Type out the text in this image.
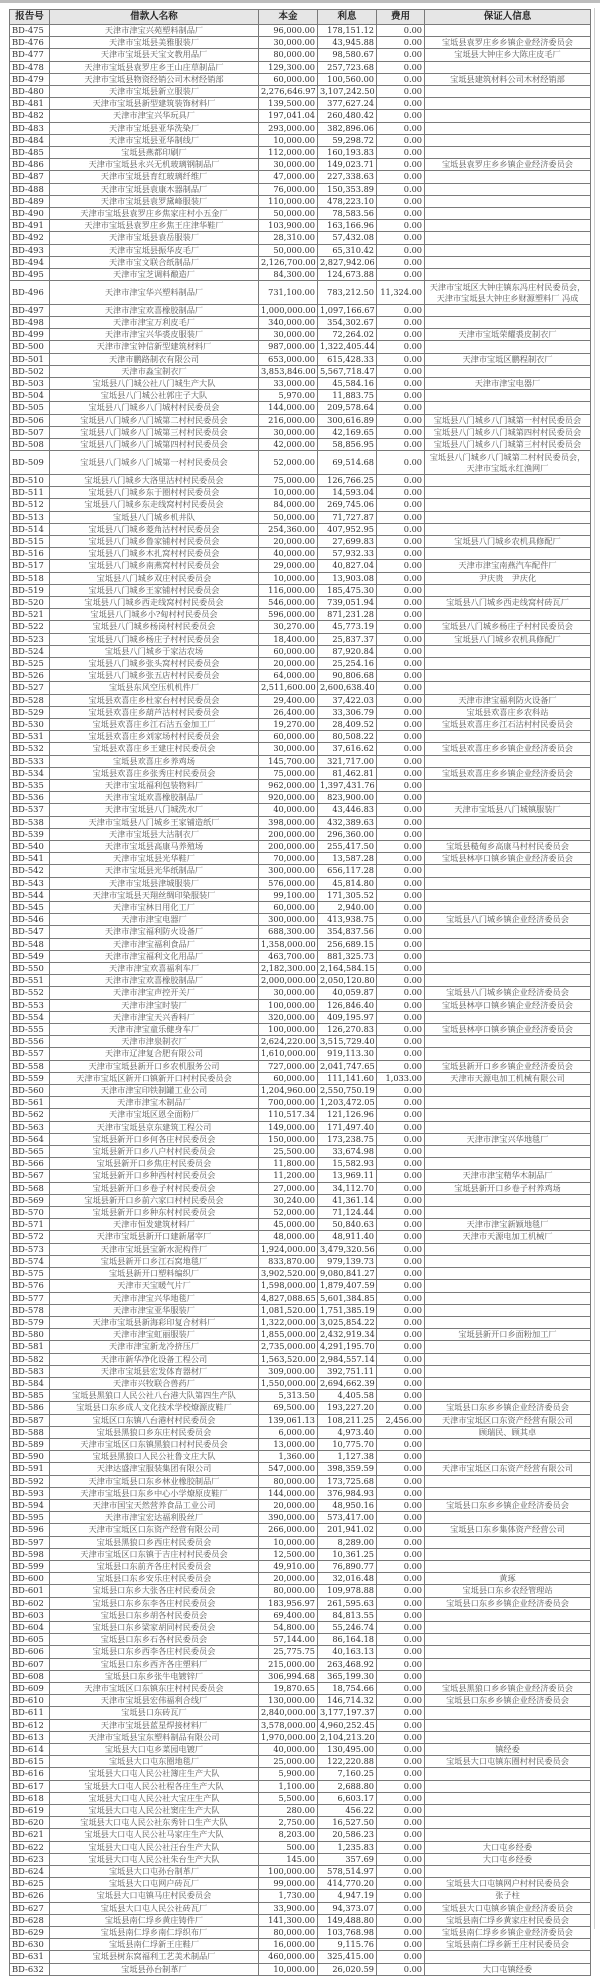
报告号	借款人名称	本金	利息	费用	保证人信息
BD-475	天津市津宝兴苑塑料制品厂	96,000.00	178,151.12	0.00	
BD-476	天津市宝坻县美雅服装厂	30,000.00	43,945.88	0.00	宝坻县袁罗庄乡乡镇企业经济委员会
BD-477	天津市宝坻县天宝文教用品厂	80,000.00	98,580.67	0.00	宝坻县大钟庄乡大陈庄皮毛厂
BD-478	天津市宝坻县袁罗庄乡王山庄草制品厂	129,300.00	257,723.68	0.00	
BD-479	天津市宝坻县物资经销公司木材经销部	60,000.00	100,560.00	0.00	宝坻县建筑材料公司木材经销部
BD-480	天津市宝坻县新立服装厂	2,276,646.97	3,107,242.50	0.00	
BD-481	天津市宝坻县新型建筑装饰材料厂	139,500.00	377,627.24	0.00	
BD-482	天津市津宝兴华玩具厂	197,041.04	260,480.42	0.00	
BD-483	天津市宝坻县亚华洗染厂	293,000.00	382,896.06	0.00	
BD-484	天津市宝坻县亚华制线厂	10,000.00	59,298.72	0.00	
BD-485	宝坻县燕都印刷厂	112,000.00	160,193.83	0.00	
BD-486	天津市宝坻县永兴无机玻璃钢制品厂	30,000.00	149,023.71	0.00	宝坻县袁罗庄乡乡镇企业经济委员会
BD-487	天津市宝坻县育红玻璃纤维厂	47,000.00	227,338.63	0.00	
BD-488	天津市宝坻县袁康木器制品厂	76,000.00	150,353.89	0.00	
BD-489	天津市宝坻县袁罗黛峰服装厂	110,000.00	478,223.10	0.00	
BD-490	天津市宝坻县袁罗庄乡焦家庄村小五金厂	50,000.00	78,583.56	0.00	
BD-491	天津市宝坻县袁罗庄乡焦王庄津华鞋厂	103,900.00	163,166.96	0.00	
BD-492	天津市宝坻县袁岳服装厂	28,310.00	57,432.08	0.00	
BD-493	天津市宝坻县振华皮毛厂	50,000.00	65,310.42	0.00	
BD-494	天津市宝文联合纸制品厂	2,126,700.00	2,827,942.06	0.00	
BD-495	天津市宝芝调料酿造厂	84,300.00	124,673.88	0.00	
BD-496	天津市津宝华兴塑料制品厂	731,100.00	783,212.50	11,324.00	天津市宝坻区大钟庄镇东冯庄村民委员会，天津市宝坻县大钟庄乡财源塑料厂 冯成
BD-497	天津市津宝欢喜橡胶制品厂	1,000,000.00	1,097,166.67	0.00	
BD-498	天津市津宝万利皮毛厂	340,000.00	354,302.67	0.00	
BD-499	天津市津宝兴华裘皮服装厂	30,000.00	72,264.02	0.00	天津市宝坻荣耀裘皮制衣厂
BD-500	天津市津宝钟信新型建筑材料厂	987,000.00	1,322,405.44	0.00	
BD-501	天津市鹏路制衣有限公司	653,000.00	615,428.33	0.00	天津市宝坻区鹏程制衣厂
BD-502	天津市淼宝制衣厂	3,853,846.00	5,567,718.47	0.00	
BD-503	宝坻县八门城公社八门城生产大队	33,000.00	45,584.16	0.00	天津市津宝电器厂
BD-504	宝坻县八门城公社郭庄子大队	5,970.00	11,883.75	0.00	
BD-505	宝坻县八门城乡八门城村村民委员会	144,000.00	209,578.64	0.00	
BD-506	宝坻县八门城乡八门城第二村村民委员会	216,000.00	300,616.89	0.00	宝坻县八门城乡八门城第一村村民委员会
BD-507	宝坻县八门城乡八门城第三村村民委员会	30,000.00	42,169.65	0.00	宝坻县八门城乡八门城第四村村民委员会
BD-508	宝坻县八门城乡八门城第四村村民委员会	42,000.00	58,856.95	0.00	宝坻县八门城乡八门城第三村村民委员会
BD-509	宝坻县八门城乡八门城第一村村民委员会	52,000.00	69,514.68	0.00	宝坻县八门城乡八门城第二村村民委员会，天津市宝坻永红渔网厂
BD-510	宝坻县八门城乡大洛里沽村村民委员会	75,000.00	126,766.25	0.00	
BD-511	宝坻县八门城乡东于圈村村民委员会	10,000.00	14,593.04	0.00	
BD-512	宝坻县八门城乡东走线窝村村民委员会	84,000.00	269,745.06	0.00	
BD-513	宝坻县八门城乡机井队	50,000.00	71,727.87	0.00	
BD-514	宝坻县八门城乡菱角沽村村民委员会	254,360.00	407,952.95	0.00	
BD-515	宝坻县八门城乡鲁家铺村村民委员会	20,000.00	27,699.83	0.00	宝坻县八门城乡农机具修配厂
BD-516	宝坻县八门城乡木扎窝村村民委员会	40,000.00	57,932.33	0.00	
BD-517	宝坻县八门城乡南燕窝村村民委员会	29,000.00	40,827.04	0.00	天津市津宝南燕汽车配件厂
BD-518	宝坻县八门城乡双庄村民委员会	10,000.00	13,903.08	0.00	尹庆贵　尹庆化
BD-519	宝坻县八门城乡王家铺村村民委员会	116,000.00	185,475.30	0.00	
BD-520	宝坻县八门城乡西走线窝村村民委员会	546,000.00	739,051.94	0.00	宝坻县八门城乡西走线窝村砖瓦厂
BD-521	宝坻县八门城乡小?甸村村民委员会	596,000.00	871,231.28	0.00	
BD-522	宝坻县八门城乡杨岗村村民委员会	30,270.00	45,773.19	0.00	宝坻县八门城乡杨庄子村村民委员会
BD-523	宝坻县八门城乡杨庄子村村民委员会	18,400.00	25,837.37	0.00	宝坻县八门城乡农机具修配厂
BD-524	宝坻县八门城乡于家沽农场	60,000.00	87,920.84	0.00	
BD-525	宝坻县八门城乡张头窝村村民委员会	20,000.00	25,254.16	0.00	
BD-526	宝坻县八门城乡张五店村村民委员会	64,000.00	90,806.68	0.00	
BD-527	宝坻县东风空压机机件厂	2,511,600.00	2,600,638.40	0.00	
BD-528	宝坻县欢喜庄乡杜家台村村民委员会	29,400.00	37,422.03	0.00	天津市津宝福利防火设备厂
BD-529	宝坻县欢喜庄乡葫芦沽村村民委员会	26,400.00	33,306.79	0.00	宝坻县欢喜庄乡农科站
BD-530	宝坻县欢喜庄乡江石沽五金加工厂	19,270.00	28,409.52	0.00	宝坻县欢喜庄乡江石沽村村民委员会
BD-531	宝坻县欢喜庄乡刘家场村村民委员会	60,000.00	80,508.22	0.00	
BD-532	宝坻县欢喜庄乡王建庄村民委员会	30,000.00	37,616.62	0.00	宝坻县欢喜庄乡乡镇企业经济委员会
BD-533	宝坻县欢喜庄乡养鸡场	145,700.00	321,717.00	0.00	
BD-534	宝坻县欢喜庄乡张秀庄村民委员会	75,000.00	81,462.81	0.00	宝坻县欢喜庄乡乡镇企业经济委员会
BD-535	天津市宝坻福利包装物料厂	962,000.00	1,397,431.76	0.00	
BD-536	天津市宝坻欢喜橡胶制品厂	920,000.00	823,900.00	0.00	
BD-537	天津市宝坻县八门城洗水厂	40,000.00	43,446.83	0.00	天津市宝坻县八门城镇服装厂
BD-538	天津市宝坻县八门城乡王家铺造纸厂	398,000.00	432,389.63	0.00	
BD-539	天津市宝坻县大沽制衣厂	200,000.00	296,360.00	0.00	
BD-540	天津市宝坻县高康马养殖场	200,000.00	255,417.50	0.00	宝坻县糙甸乡高康马村村民委员会
BD-541	天津市宝坻县光华鞋厂	70,000.00	13,587.28	0.00	宝坻县林亭口镇乡镇企业经济委员会
BD-542	天津市宝坻县光华纸制品厂	300,000.00	656,117.28	0.00	
BD-543	天津市宝坻县津城服装厂	576,000.00	45,814.80	0.00	
BD-544	天津市宝坻县天翔丝绸印染服装厂	99,100.00	171,305.52	0.00	
BD-545	天津市宝林日用化工厂	60,000.00	2,940.00	0.00	
BD-546	天津市津宝电器厂	300,000.00	413,938.75	0.00	宝坻县八门城乡镇企业经济委员会
BD-547	天津市津宝福利防火设备厂	688,300.00	354,837.56	0.00	
BD-548	天津市津宝福利食品厂	1,358,000.00	256,689.15	0.00	
BD-549	天津市津宝福利文化用品厂	463,700.00	881,325.73	0.00	
BD-550	天津市津宝欢喜福利车厂	2,182,300.00	2,164,584.15	0.00	
BD-551	天津市津宝欢喜橡胶制品厂	2,000,000.00	2,050,120.80	0.00	
BD-552	天津市津宝声控开关厂	30,000.00	40,059.87	0.00	宝坻县八门城乡镇企业经济委员会
BD-553	天津市津宝时装厂	100,000.00	126,846.40	0.00	宝坻县林亭口镇乡镇企业经济委员会
BD-554	天津市津宝天兴香料厂	320,000.00	409,195.97	0.00	
BD-555	天津市津宝童乐健身车厂	100,000.00	126,270.83	0.00	宝坻县林亭口镇乡镇企业经济委员会
BD-556	天津市津泉制衣厂	2,624,220.00	3,515,729.40	0.00	
BD-557	天津市辽津复合肥有限公司	1,610,000.00	919,113.30	0.00	
BD-558	天津市宝坻县新开口乡农机服务公司	727,000.00	2,041,747.65	0.00	宝坻县新开口乡乡镇企业经济委员会
BD-559	天津市宝坻区新开口镇新开口村村民委员会	60,000.00	111,141.60	1,033.00	天津市天源电加工机械有限公司
BD-560	天津市津宝印铁制罐工业公司	1,204,960.00	2,550,750.19	0.00	
BD-561	天津市津宝木制品厂	700,000.00	1,203,472.05	0.00	
BD-562	天津市宝坻区恩全面粉厂	110,517.34	121,126.96	0.00	
BD-563	天津市宝坻县京东建筑工程公司	149,000.00	171,497.40	0.00	
BD-564	宝坻县新开口乡何各庄村民委员会	150,000.00	173,238.75	0.00	天津市津宝兴华地毯厂
BD-565	宝坻县新开口乡八户村村民委员会	25,500.00	33,674.98	0.00	
BD-566	宝坻县新开口乡焦庄村民委员会	11,800.00	15,582.93	0.00	
BD-567	宝坻县新开口乡种西村村民委员会	11,200.00	13,969.11	0.00	天津市津宝精华木制品厂
BD-568	宝坻县新开口乡卷子村村民委员会	27,000.00	34,112.70	0.00	宝坻县新开口乡卷子村养鸡场
BD-569	宝坻县新开口乡前六家口村村民委员会	30,240.00	41,361.14	0.00	
BD-570	宝坻县新开口乡种东村村民委员会	52,000.00	71,124.44	0.00	
BD-571	天津市恒发建筑材料厂	45,000.00	50,840.63	0.00	天津市津宝新颖地毯厂
BD-572	天津市宝坻县新开口建新屠宰厂	48,000.00	48,911.40	0.00	天津市天源电加工机械厂
BD-573	天津市宝坻县宝新水泥构件厂	1,924,000.00	3,479,320.56	0.00	
BD-574	宝坻县新开口乡江石窝地毯厂	833,870.00	979,139.73	0.00	
BD-575	宝坻县新开口塑料编织厂	3,902,520.00	9,080,841.27	0.00	
BD-576	天津市天宝暖气片厂	1,598,000.00	1,879,407.59	0.00	
BD-577	天津市津宝兴华地毯厂	4,827,088.65	5,601,384.85	0.00	
BD-578	天津市津宝亚华服装厂	1,081,520.00	1,751,385.19	0.00	
BD-579	天津市宝坻县新海彩印复合材料厂	1,322,000.00	3,025,854.22	0.00	
BD-580	天津市津宝虹丽服装厂	1,855,000.00	2,432,919.34	0.00	宝坻县新开口乡面粉加工厂
BD-581	天津市津宝新龙冷挤压厂	2,735,000.00	4,291,195.70	0.00	
BD-582	天津市新华净化设备工程公司	1,563,520.00	2,984,557.14	0.00	
BD-583	天津市宝坻县宏发体育器材厂	309,000.00	392,751.11	0.00	
BD-584	天津市兴牧联合兽药厂	1,550,000.00	2,694,662.39	0.00	
BD-585	宝坻县黑狼口人民公社八台港大队第四生产队	5,313.50	4,405.58	0.00	
BD-586	宝坻县口东乡成人文化技术学校燎源皮鞋厂	69,500.00	193,227.20	0.00	宝坻县口东乡乡镇企业经济委员会
BD-587	宝坻区口东镇八台港村村民委员会	139,061.13	108,211.25	2,456.00	天津市宝坻区口东资产经营有限公司
BD-588	宝坻县黑狼口乡东庄村民委员会	6,000.00	4,973.40	0.00	顾瑞民、顾其卓
BD-589	天津市宝坻区口东镇黑狼口村村民委员会	13,000.00	10,775.70	0.00	
BD-590	宝坻县黑狼口人民公社鲁文庄大队	1,360.00	1,127.38	0.00	
BD-591	天津达盛津宝服装集团有限公司	547,000.00	398,359.59	0.00	天津市宝坻区口东资产经营有限公司
BD-592	天津市宝坻县口东乡林业橡胶制品厂	80,000.00	173,725.68	0.00	
BD-593	天津市宝坻县口东乡中心小学燎原皮鞋厂	144,000.00	376,984.93	0.00	
BD-594	天津市国宝天然营养食品工业公司	20,000.00	48,950.16	0.00	宝坻县口东乡乡镇企业经济委员会
BD-595	天津市津宝宏达福利股丝厂	390,000.00	573,417.00	0.00	
BD-596	天津市宝坻区口东资产经营有限公司	266,000.00	201,941.02	0.00	宝坻县口东乡集体资产经营公司
BD-597	宝坻县黑狼口乡西庄村民委员会	10,000.00	8,289.00	0.00	
BD-598	天津市宝坻区口东镇于吉庄村村民委员会	12,500.00	10,361.25	0.00	
BD-599	宝坻县口东前齐各庄村民委员会	49,910.00	76,890.77	0.00	
BD-600	宝坻县口东乡安乐庄村民委员会	20,000.00	32,016.48	0.00	黄琢
BD-601	宝坻县口东乡大张各庄村民委员会	80,000.00	109,978.88	0.00	宝坻县口东乡农经管理站
BD-602	宝坻县口东乡东李各庄村民委员会	183,956.97	261,595.63	0.00	宝坻县口东乡乡镇企业经济委员会
BD-603	宝坻县口东乡胡各村民委员会	69,400.00	84,813.55	0.00	
BD-604	宝坻县口东乡梁家胡同村民委员会	54,800.00	55,246.74	0.00	
BD-605	宝坻县口东乡石各村民委员会	57,144.00	86,164.18	0.00	
BD-606	宝坻县口东乡西李各庄村民委员会	25,775.75	40,163.13	0.00	
BD-607	宝坻县口东乡西齐各庄塑料厂	215,000.00	263,468.92	0.00	
BD-608	宝坻县口东乡张牛电镀锌厂	306,994.68	365,199.30	0.00	
BD-609	天津市宝坻区口东镇东庄村村民委员会	19,870.65	18,754.66	0.00	宝坻县黑狼口乡乡镇企业经济委员会
BD-610	天津市宝坻县宏伟福利合线厂	130,000.00	146,714.32	0.00	宝坻县口东乡乡镇企业经济委员会
BD-611	宝坻县口东砖瓦厂	2,840,000.00	3,177,197.37	0.00	
BD-612	天津市宝坻县蓝星焊接材料厂	3,578,000.00	4,960,252.45	0.00	
BD-613	天津市宝坻县宝东塑料制品有限公司	1,970,000.00	2,104,213.20	0.00	
BD-614	宝坻县大口屯乡菜园电镀厂	40,000.00	130,495.00	0.00	镇经委
BD-615	宝坻县大口屯东圈地毯厂	25,000.00	122,220.88	0.00	宝坻县大口屯镇东圈村村民委员会
BD-616	宝坻县大口屯人民公社簿庄生产大队	5,900.00	7,160.25	0.00	
BD-617	宝坻县大口屯人民公社程各庄生产大队	1,100.00	2,688.80	0.00	
BD-618	宝坻县大口屯人民公社大宝庄生产队	5,500.00	6,603.17	0.00	
BD-619	宝坻县大口屯人民公社窦庄生产大队	280.00	456.22	0.00	
BD-620	宝坻县大口屯人民公社东秀针口生产大队	2,750.00	16,527.50	0.00	
BD-621	宝坻县大口屯人民公社马家庄生产大队	8,203.00	20,586.23	0.00	
BD-622	宝坻县大口屯人民公社汪台生产大队	500.00	1,235.83	0.00	大口屯乡经委
BD-623	宝坻县大口屯人民公社朱台生产大队	145.00	357.69	0.00	大口屯乡经委
BD-624	宝坻县大口屯孙台制革厂	100,000.00	578,514.97	0.00	
BD-625	宝坻县大口屯网户砖瓦厂	99,000.00	414,770.20	0.00	宝坻县大口屯镇网户村村民委员会
BD-626	宝坻县大口屯镇马庄村民委员会	1,730.00	4,947.19	0.00	张子柱
BD-627	宝坻县大口屯人民公社砖瓦厂	33,900.00	94,373.07	0.00	宝坻县大口屯镇乡镇企业经济委员会
BD-628	宝坻县南仁垺乡黄庄铸件厂	141,300.00	149,488.80	0.00	宝坻县南仁垺乡黄家庄村民委员会
BD-629	宝坻县南仁垺乡南仁垺织布厂	80,000.00	103,768.98	0.00	宝坻县南仁垺乡乡镇企业经济委员会
BD-630	宝坻县南仁垺新王庄鞋厂	16,000.00	9,115.76	0.00	宝坻县南仁垺乡新王庄村民委员会
BD-631	宝坻县树东窝福利工艺美术制品厂	460,000.00	325,415.00	0.00	
BD-632	宝坻县孙台制革厂	10,000.00	26,020.59	0.00	大口屯镇经委
